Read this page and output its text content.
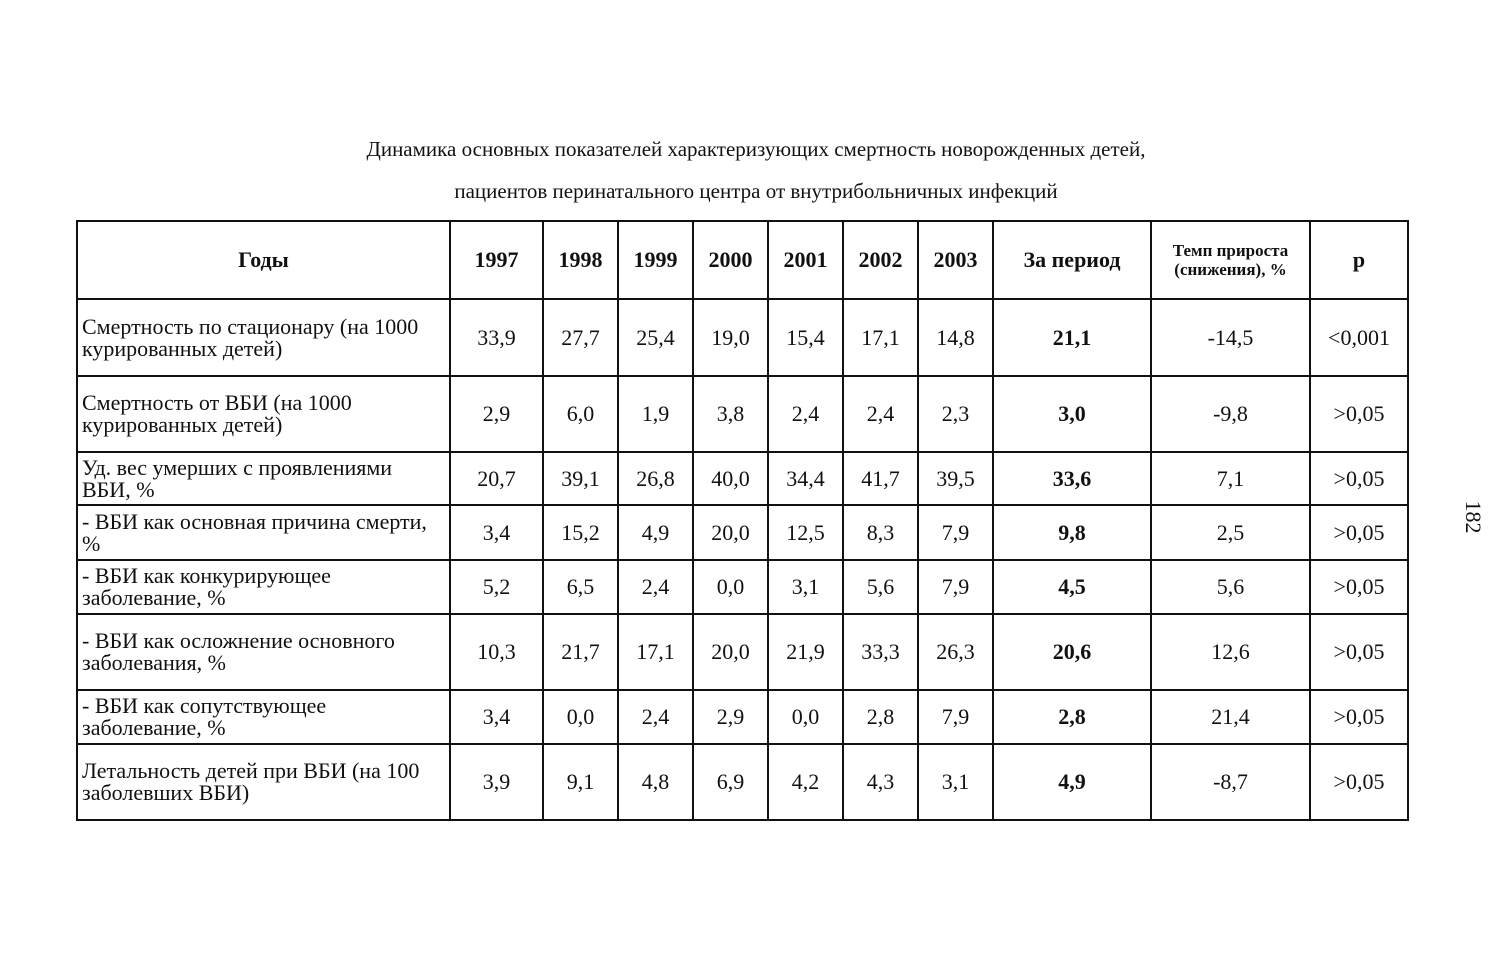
Динамика основных показателей характеризующих смертность новорожденных детей,
пациентов перинатального центра от внутрибольничных инфекций
Годы	1997	1998	1999	2000	2001	2002	2003	За период	Темп прироста (снижения), %	p
Смертность по стационару (на 1000 курированных детей)	33,9	27,7	25,4	19,0	15,4	17,1	14,8	21,1	-14,5	<0,001
Смертность от ВБИ (на 1000 курированных детей)	2,9	6,0	1,9	3,8	2,4	2,4	2,3	3,0	-9,8	>0,05
Уд. вес умерших с проявлениями ВБИ, %	20,7	39,1	26,8	40,0	34,4	41,7	39,5	33,6	7,1	>0,05
- ВБИ как основная причина смерти, %	3,4	15,2	4,9	20,0	12,5	8,3	7,9	9,8	2,5	>0,05
- ВБИ как конкурирующее заболевание, %	5,2	6,5	2,4	0,0	3,1	5,6	7,9	4,5	5,6	>0,05
- ВБИ как осложнение основного заболевания, %	10,3	21,7	17,1	20,0	21,9	33,3	26,3	20,6	12,6	>0,05
- ВБИ как сопутствующее заболевание, %	3,4	0,0	2,4	2,9	0,0	2,8	7,9	2,8	21,4	>0,05
Летальность детей при ВБИ (на 100 заболевших ВБИ)	3,9	9,1	4,8	6,9	4,2	4,3	3,1	4,9	-8,7	>0,05
182
